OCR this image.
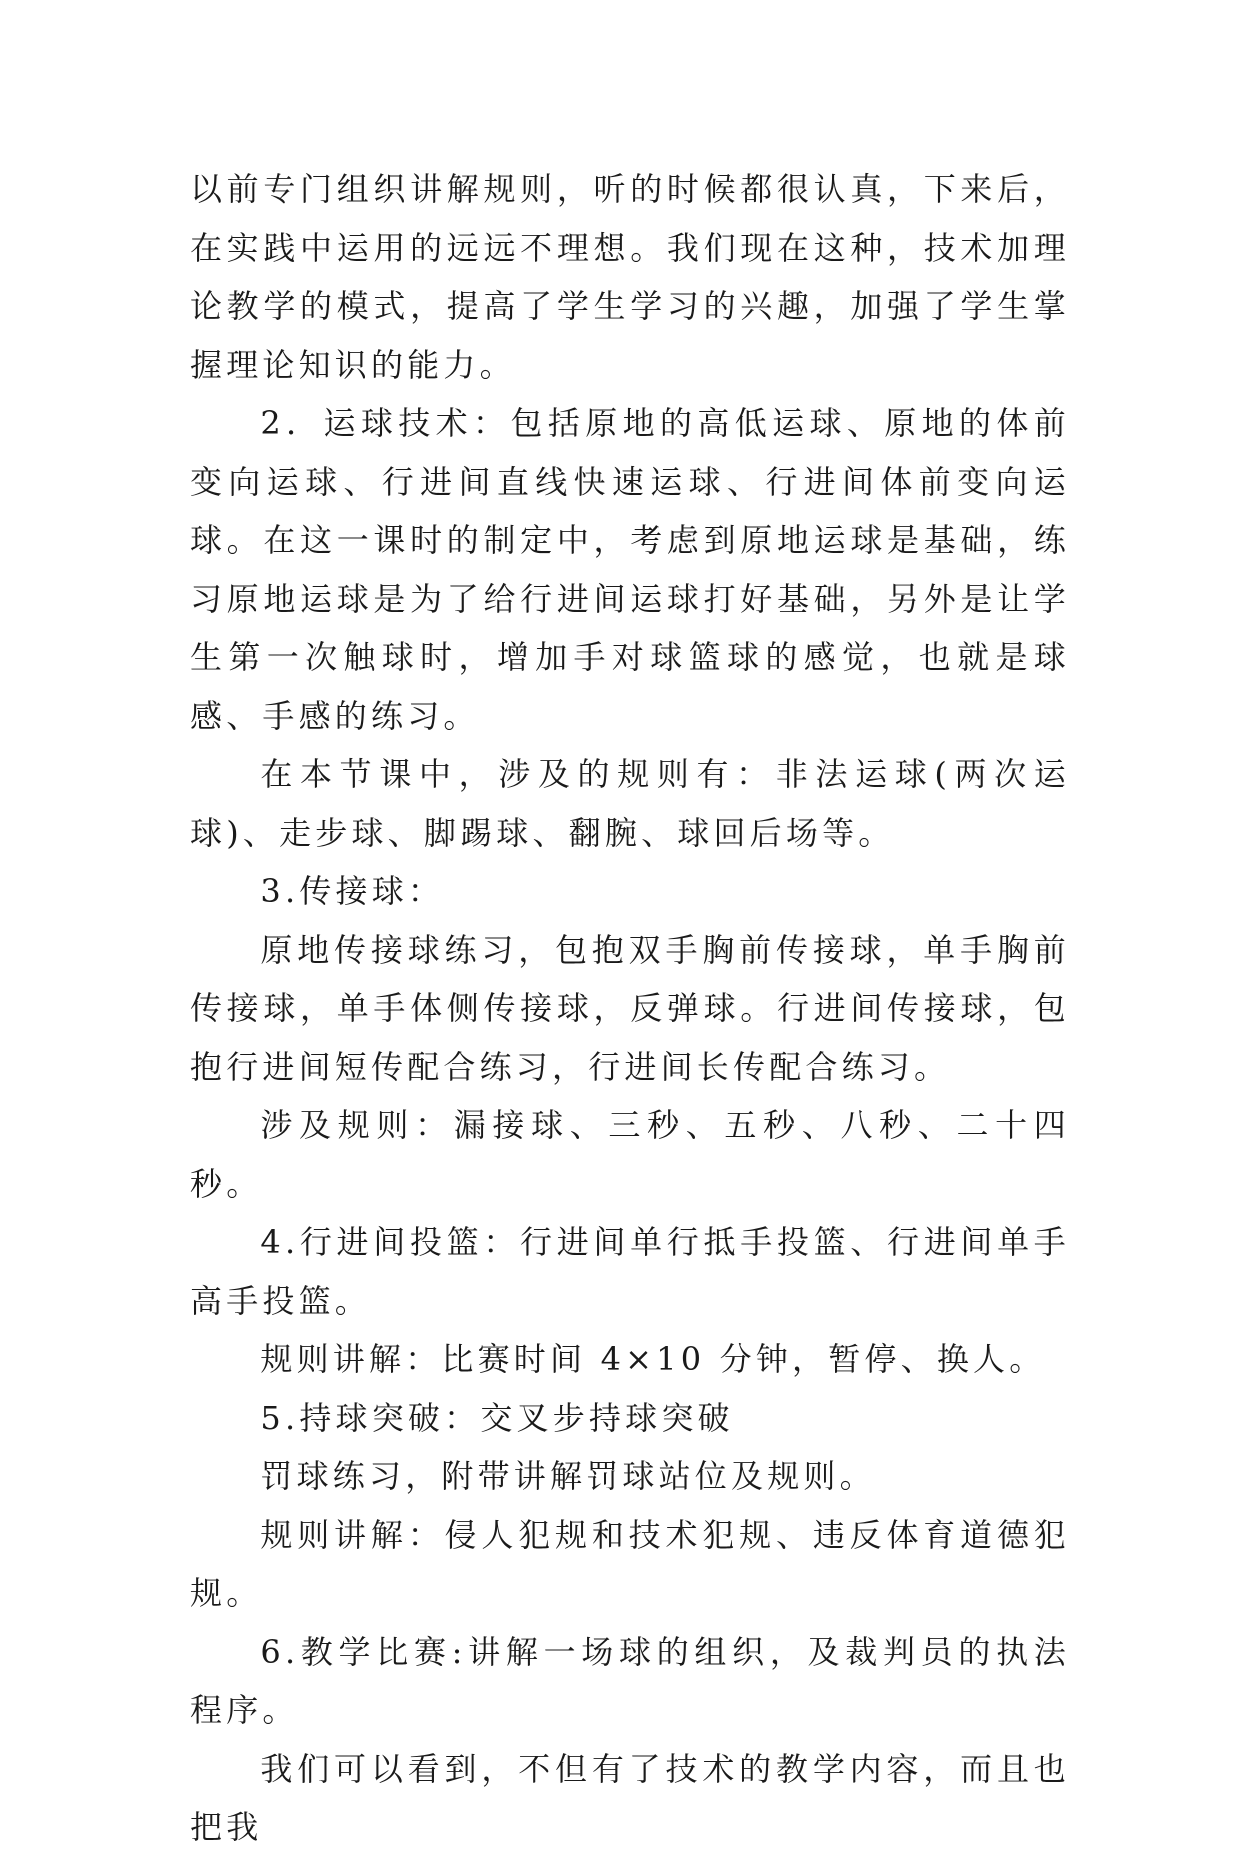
以前专门组织讲解规则，听的时候都很认真，下来后，在实践中运用的远远不理想。我们现在这种，技术加理论教学的模式，提高了学生学习的兴趣，加强了学生掌握理论知识的能力。

2．运球技术：包括原地的高低运球、原地的体前变向运球、行进间直线快速运球、行进间体前变向运球。在这一课时的制定中，考虑到原地运球是基础，练习原地运球是为了给行进间运球打好基础，另外是让学生第一次触球时，增加手对球篮球的感觉，也就是球感、手感的练习。

在本节课中，涉及的规则有：非法运球(两次运球)、走步球、脚踢球、翻腕、球回后场等。

3.传接球：

原地传接球练习，包抱双手胸前传接球，单手胸前传接球，单手体侧传接球，反弹球。行进间传接球，包抱行进间短传配合练习，行进间长传配合练习。

涉及规则：漏接球、三秒、五秒、八秒、二十四秒。

4.行进间投篮：行进间单行抵手投篮、行进间单手高手投篮。

规则讲解：比赛时间 4×10 分钟，暂停、换人。

5.持球突破：交叉步持球突破

罚球练习，附带讲解罚球站位及规则。

规则讲解：侵人犯规和技术犯规、违反体育道德犯规。

6.教学比赛:讲解一场球的组织，及裁判员的执法程序。

我们可以看到，不但有了技术的教学内容，而且也把我
